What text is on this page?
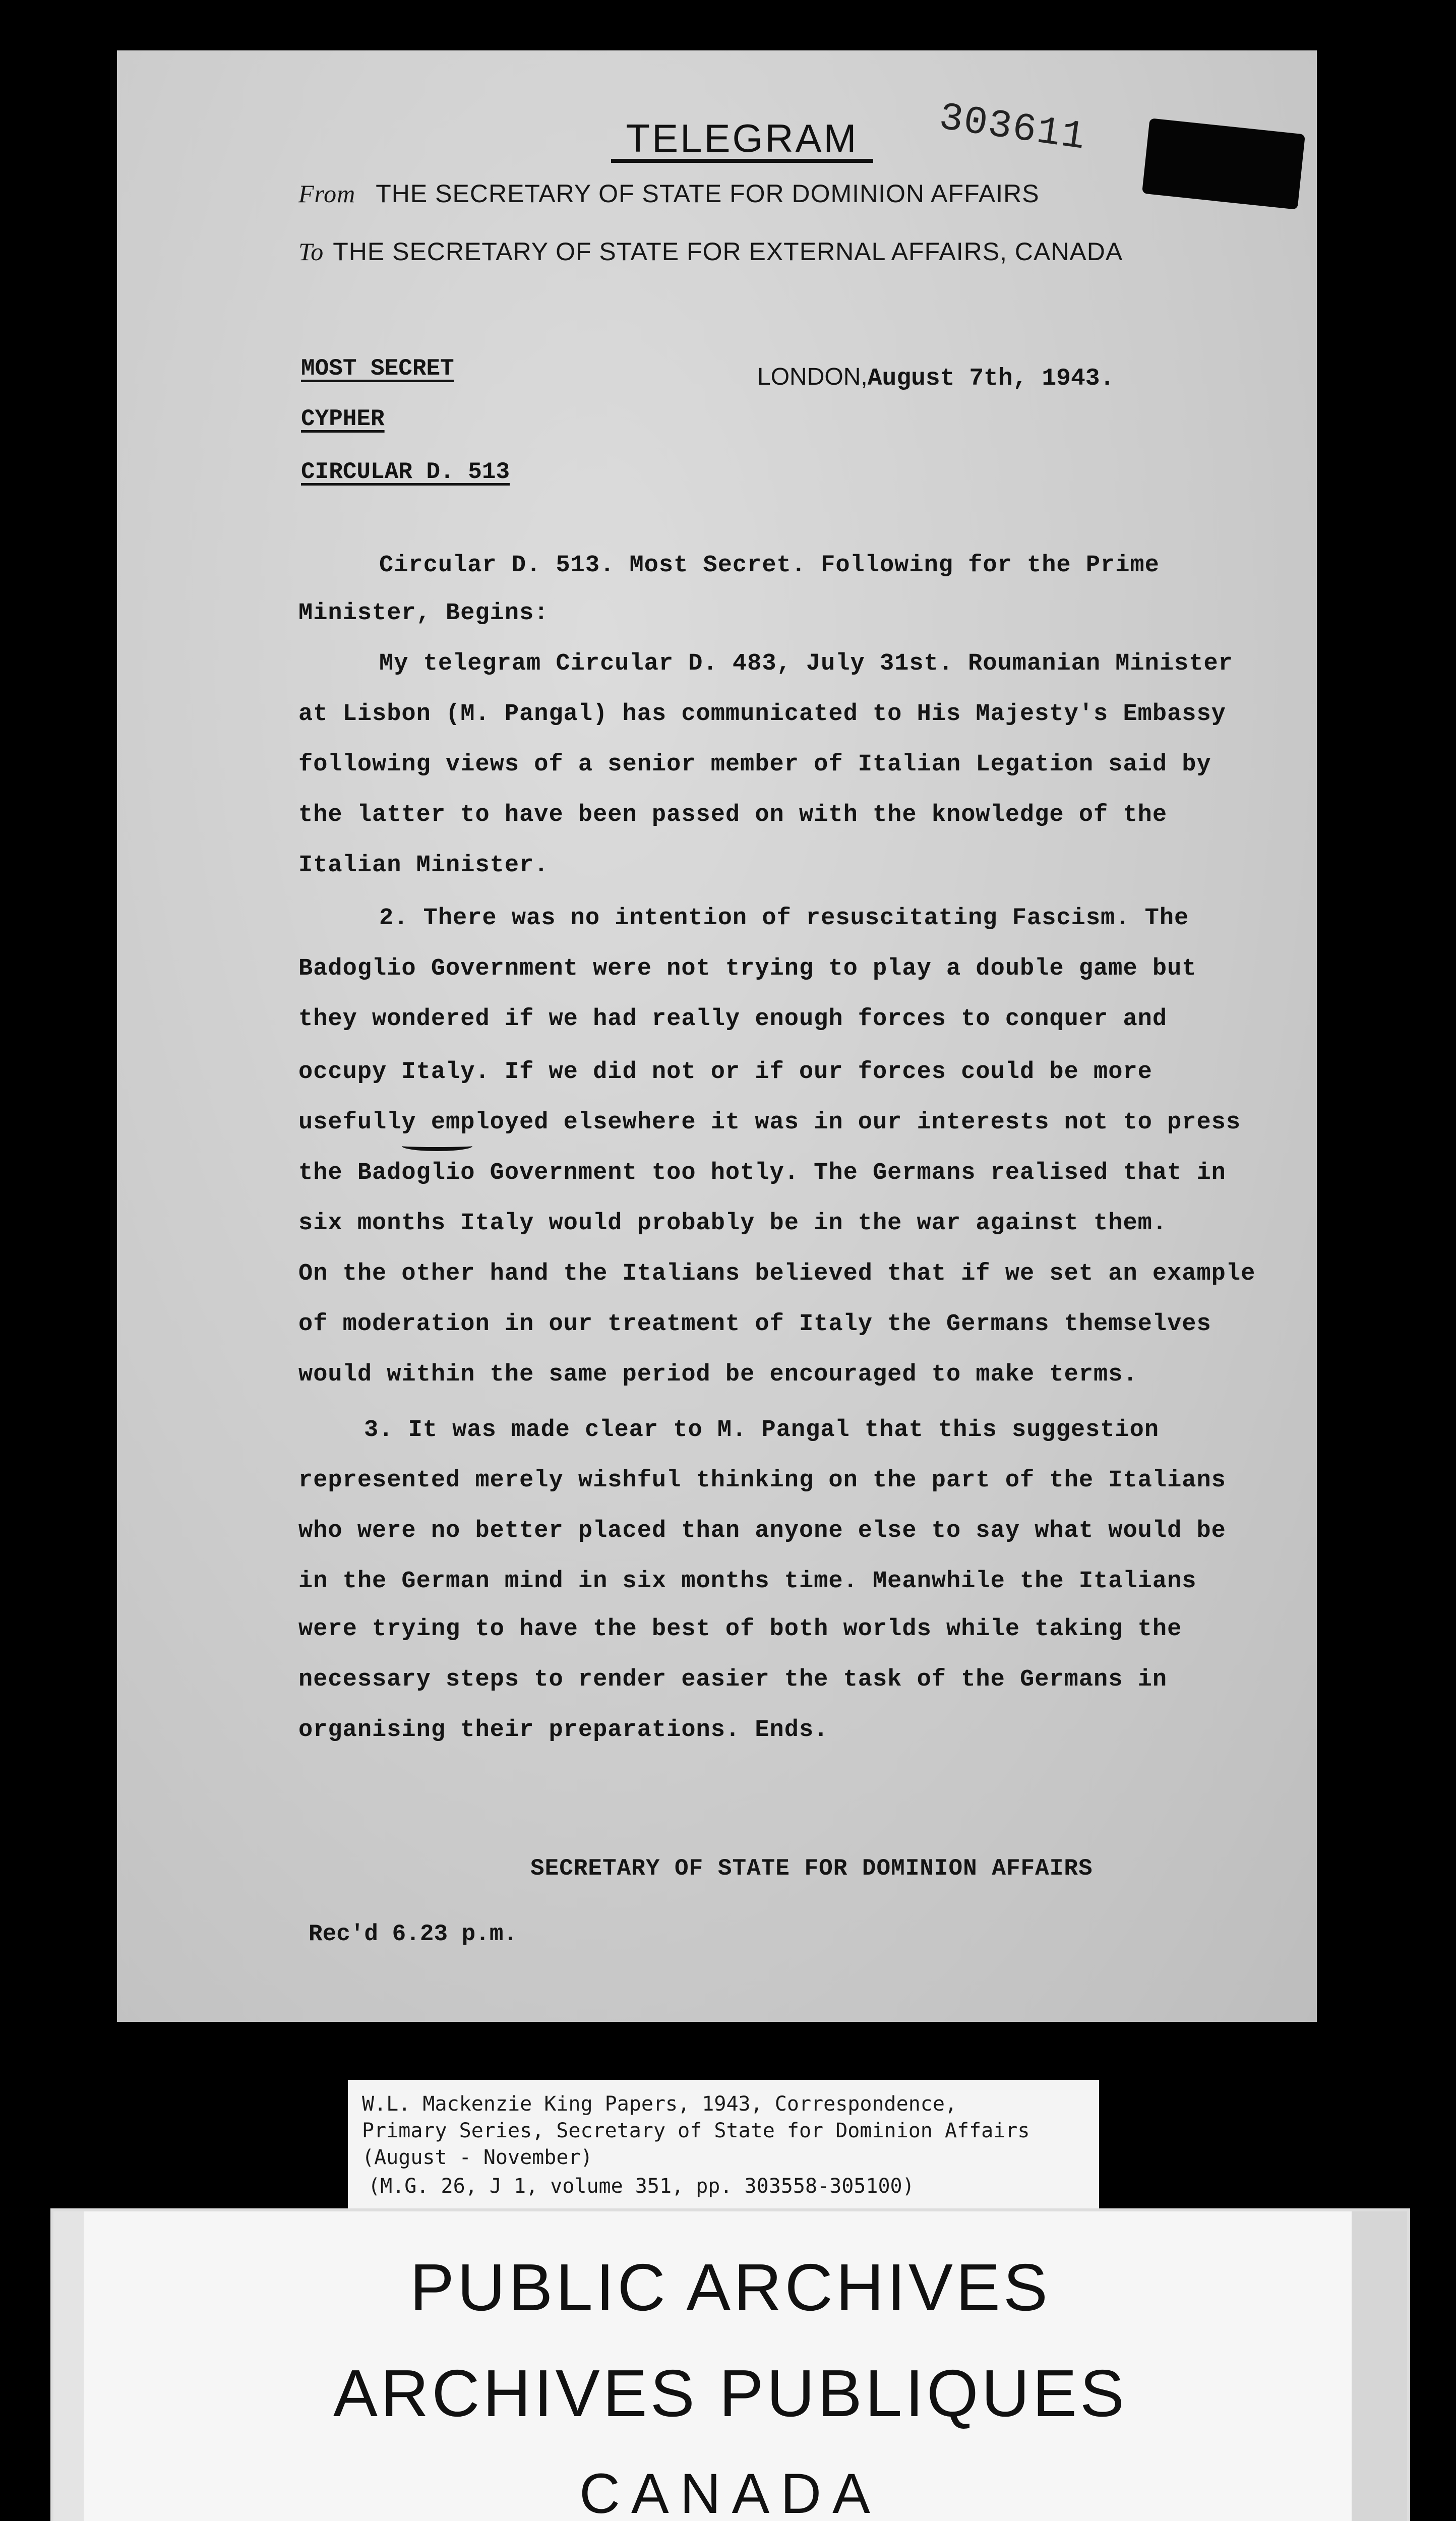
TELEGRAM	303611
From THE SECRETARY OF STATE FOR DOMINION AFFAIRS
To THE SECRETARY OF STATE FOR EXTERNAL AFFAIRS, CANADA
MOST SECRET
CYPHER
CIRCULAR D. 513
LONDON,August 7th, 1943.
Circular D. 513. Most Secret. Following for the Prime
Minister, Begins:
My telegram Circular D. 483, July 31st. Roumanian Minister
at Lisbon (M. Pangal) has communicated to His Majesty's Embassy
following views of a senior member of Italian Legation said by
the latter to have been passed on with the knowledge of the
Italian Minister.
2. There was no intention of resuscitating Fascism. The
Badoglio Government were not trying to play a double game but
they wondered if we had really enough forces to conquer and
occupy Italy. If we did not or if our forces could be more
usefully employed elsewhere it was in our interests not to press
the Badoglio Government too hotly. The Germans realised that in
six months Italy would probably be in the war against them.
On the other hand the Italians believed that if we set an example
of moderation in our treatment of Italy the Germans themselves
would within the same period be encouraged to make terms.
3. It was made clear to M. Pangal that this suggestion
represented merely wishful thinking on the part of the Italians
who were no better placed than anyone else to say what would be
in the German mind in six months time. Meanwhile the Italians
were trying to have the best of both worlds while taking the
necessary steps to render easier the task of the Germans in
organising their preparations. Ends.
SECRETARY OF STATE FOR DOMINION AFFAIRS
Rec'd 6.23 p.m.
W.L. Mackenzie King Papers, 1943, Correspondence,
Primary Series, Secretary of State for Dominion Affairs
(August - November)
(M.G. 26, J 1, volume 351, pp. 303558-305100)
PUBLIC ARCHIVES
ARCHIVES PUBLIQUES
CANADA
